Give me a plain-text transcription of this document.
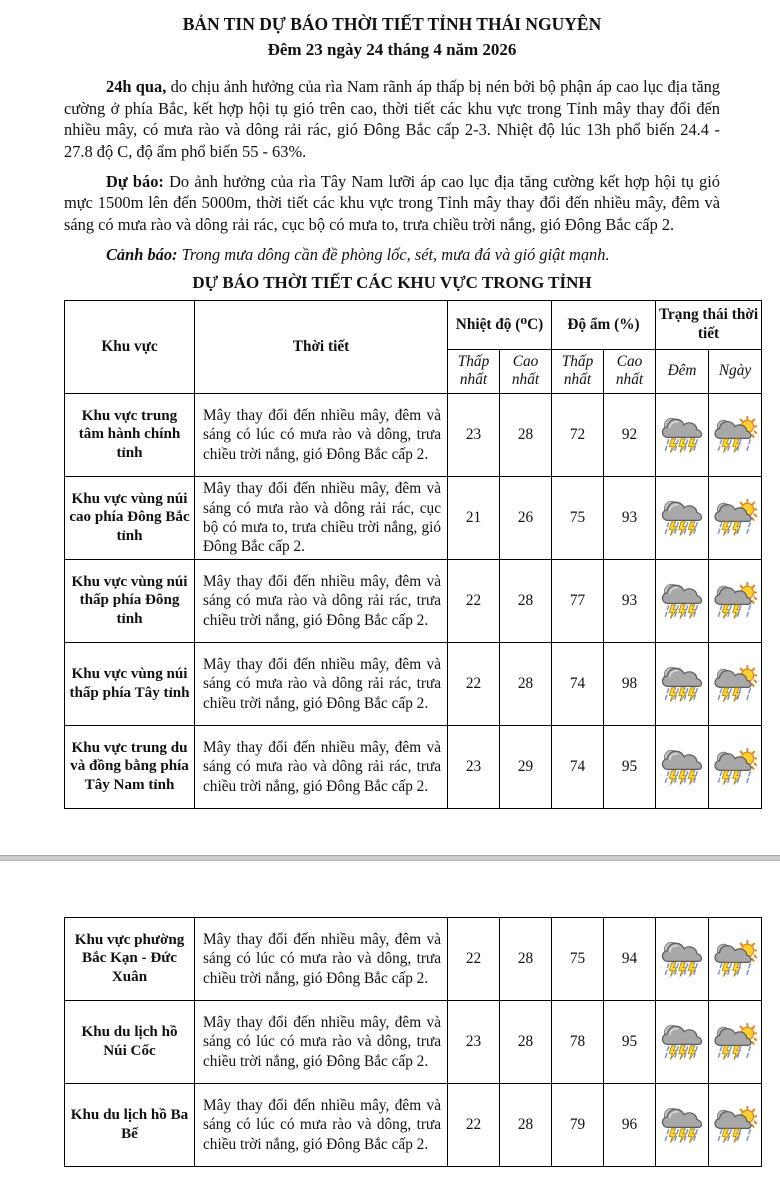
BẢN TIN DỰ BÁO THỜI TIẾT TỈNH THÁI NGUYÊN
Đêm 23 ngày 24 tháng 4 năm 2026

24h qua, do chịu ảnh hưởng của rìa Nam rãnh áp thấp bị nén bởi bộ phận áp cao lục địa tăng cường ở phía Bắc, kết hợp hội tụ gió trên cao, thời tiết các khu vực trong Tỉnh mây thay đổi đến nhiều mây, có mưa rào và dông rải rác, gió Đông Bắc cấp 2-3. Nhiệt độ lúc 13h phổ biến 24.4 - 27.8 độ C, độ ẩm phổ biến 55 - 63%.

Dự báo: Do ảnh hưởng của rìa Tây Nam lưỡi áp cao lục địa tăng cường kết hợp hội tụ gió mực 1500m lên đến 5000m, thời tiết các khu vực trong Tỉnh mây thay đổi đến nhiều mây, đêm và sáng có mưa rào và dông rải rác, cục bộ có mưa to, trưa chiều trời nắng, gió Đông Bắc cấp 2.

Cảnh báo: Trong mưa dông cần đề phòng lốc, sét, mưa đá và gió giật mạnh.

DỰ BÁO THỜI TIẾT CÁC KHU VỰC TRONG TỈNH
Khu vực	Thời tiết	Nhiệt độ (⁰C)		Độ ẩm (%)		Trạng thái thời tiết	
		Thấp nhất	Cao nhất	Thấp nhất	Cao nhất	Đêm	Ngày
Khu vực trung tâm hành chính tỉnh	Mây thay đổi đến nhiều mây, đêm và sáng có lúc có mưa rào và dông, trưa chiều trời nắng, gió Đông Bắc cấp 2.	23	28	72	92		
Khu vực vùng núi cao phía Đông Bắc tỉnh	Mây thay đổi đến nhiều mây, đêm và sáng có mưa rào và dông rải rác, cục bộ có mưa to, trưa chiều trời nắng, gió Đông Bắc cấp 2.	21	26	75	93		
Khu vực vùng núi thấp phía Đông tỉnh	Mây thay đổi đến nhiều mây, đêm và sáng có mưa rào và dông rải rác, trưa chiều trời nắng, gió Đông Bắc cấp 2.	22	28	77	93		
Khu vực vùng núi thấp phía Tây tỉnh	Mây thay đổi đến nhiều mây, đêm và sáng có mưa rào và dông rải rác, trưa chiều trời nắng, gió Đông Bắc cấp 2.	22	28	74	98		
Khu vực trung du và đồng bằng phía Tây Nam tỉnh	Mây thay đổi đến nhiều mây, đêm và sáng có mưa rào và dông rải rác, trưa chiều trời nắng, gió Đông Bắc cấp 2.	23	29	74	95		
Khu vực phường Bắc Kạn - Đức Xuân	Mây thay đổi đến nhiều mây, đêm và sáng có lúc có mưa rào và dông, trưa chiều trời nắng, gió Đông Bắc cấp 2.	22	28	75	94		
Khu du lịch hồ Núi Cốc	Mây thay đổi đến nhiều mây, đêm và sáng có lúc có mưa rào và dông, trưa chiều trời nắng, gió Đông Bắc cấp 2.	23	28	78	95		
Khu du lịch hồ Ba Bể	Mây thay đổi đến nhiều mây, đêm và sáng có lúc có mưa rào và dông, trưa chiều trời nắng, gió Đông Bắc cấp 2.	22	28	79	96		
